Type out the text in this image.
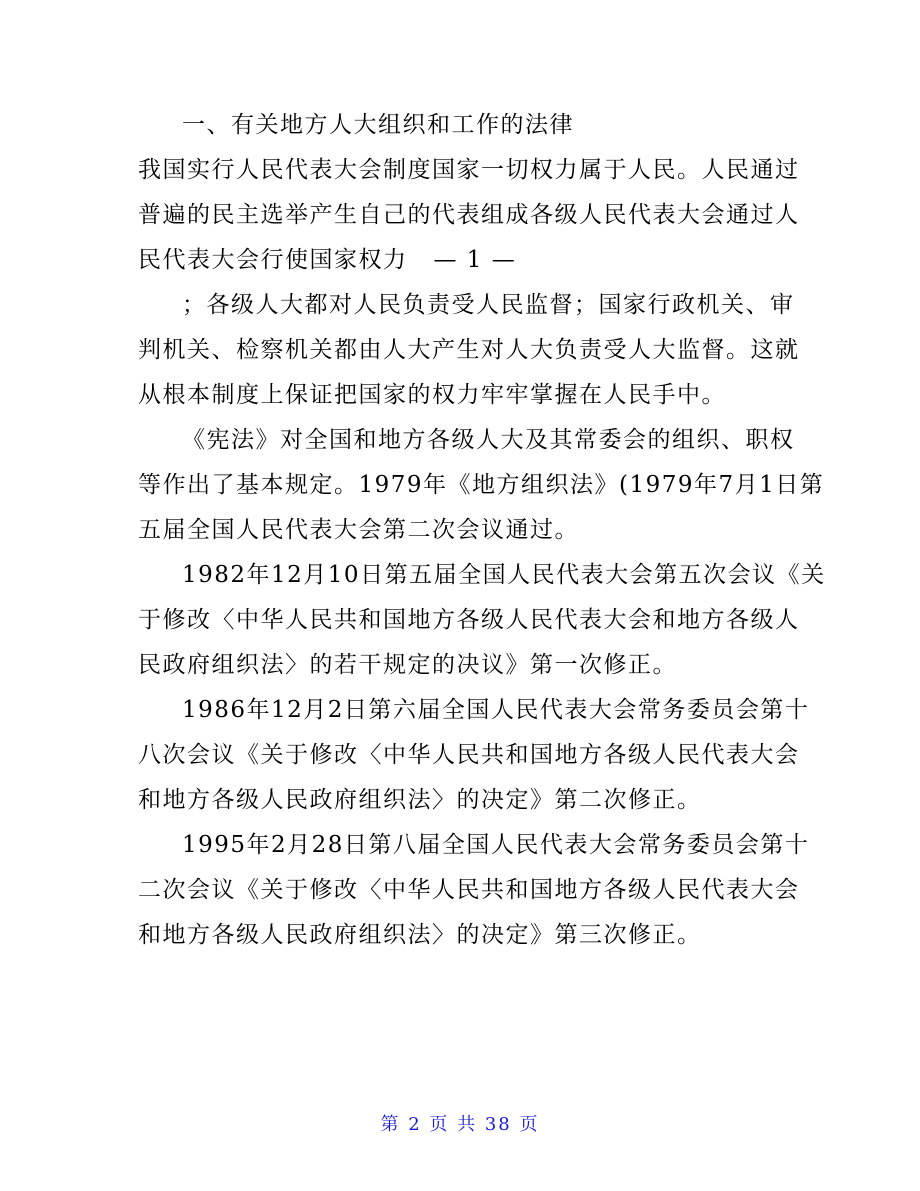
一、有关地方人大组织和工作的法律
我国实行人民代表大会制度国家一切权力属于人民。人民通过
普遍的民主选举产生自己的代表组成各级人民代表大会通过人
民代表大会行使国家权力 — 1 —
；各级人大都对人民负责受人民监督；国家行政机关、审
判机关、检察机关都由人大产生对人大负责受人大监督。这就
从根本制度上保证把国家的权力牢牢掌握在人民手中。
《宪法》对全国和地方各级人大及其常委会的组织、职权
等作出了基本规定。1979年《地方组织法》(1979年7月1日第
五届全国人民代表大会第二次会议通过。
1982年12月10日第五届全国人民代表大会第五次会议《关
于修改〈中华人民共和国地方各级人民代表大会和地方各级人
民政府组织法〉的若干规定的决议》第一次修正。
1986年12月2日第六届全国人民代表大会常务委员会第十
八次会议《关于修改〈中华人民共和国地方各级人民代表大会
和地方各级人民政府组织法〉的决定》第二次修正。
1995年2月28日第八届全国人民代表大会常务委员会第十
二次会议《关于修改〈中华人民共和国地方各级人民代表大会
和地方各级人民政府组织法〉的决定》第三次修正。
第 2 页 共 38 页
